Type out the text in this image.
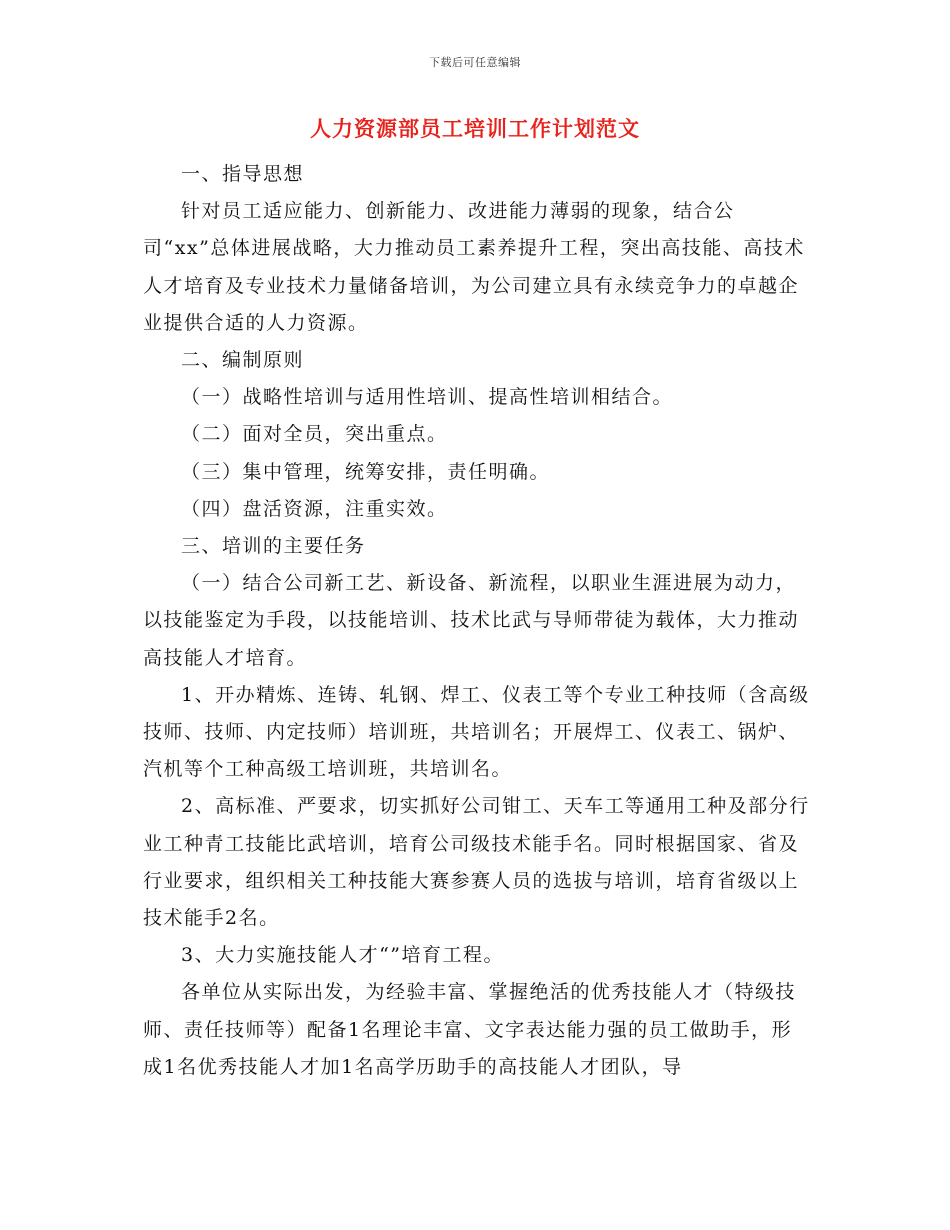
下载后可任意编辑
人力资源部员工培训工作计划范文

一、指导思想

针对员工适应能力、创新能力、改进能力薄弱的现象，结合公司“xx”总体进展战略，大力推动员工素养提升工程，突出高技能、高技术人才培育及专业技术力量储备培训，为公司建立具有永续竞争力的卓越企业提供合适的人力资源。

二、编制原则

（一）战略性培训与适用性培训、提高性培训相结合。

（二）面对全员，突出重点。

（三）集中管理，统筹安排，责任明确。

（四）盘活资源，注重实效。

三、培训的主要任务

（一）结合公司新工艺、新设备、新流程，以职业生涯进展为动力，以技能鉴定为手段，以技能培训、技术比武与导师带徒为载体，大力推动高技能人才培育。

1、开办精炼、连铸、轧钢、焊工、仪表工等个专业工种技师（含高级技师、技师、内定技师）培训班，共培训名；开展焊工、仪表工、锅炉、汽机等个工种高级工培训班，共培训名。

2、高标准、严要求，切实抓好公司钳工、天车工等通用工种及部分行业工种青工技能比武培训，培育公司级技术能手名。同时根据国家、省及行业要求，组织相关工种技能大赛参赛人员的选拔与培训，培育省级以上技术能手2名。

3、大力实施技能人才“”培育工程。

各单位从实际出发，为经验丰富、掌握绝活的优秀技能人才（特级技师、责任技师等）配备1名理论丰富、文字表达能力强的员工做助手，形成1名优秀技能人才加1名高学历助手的高技能人才团队，导
